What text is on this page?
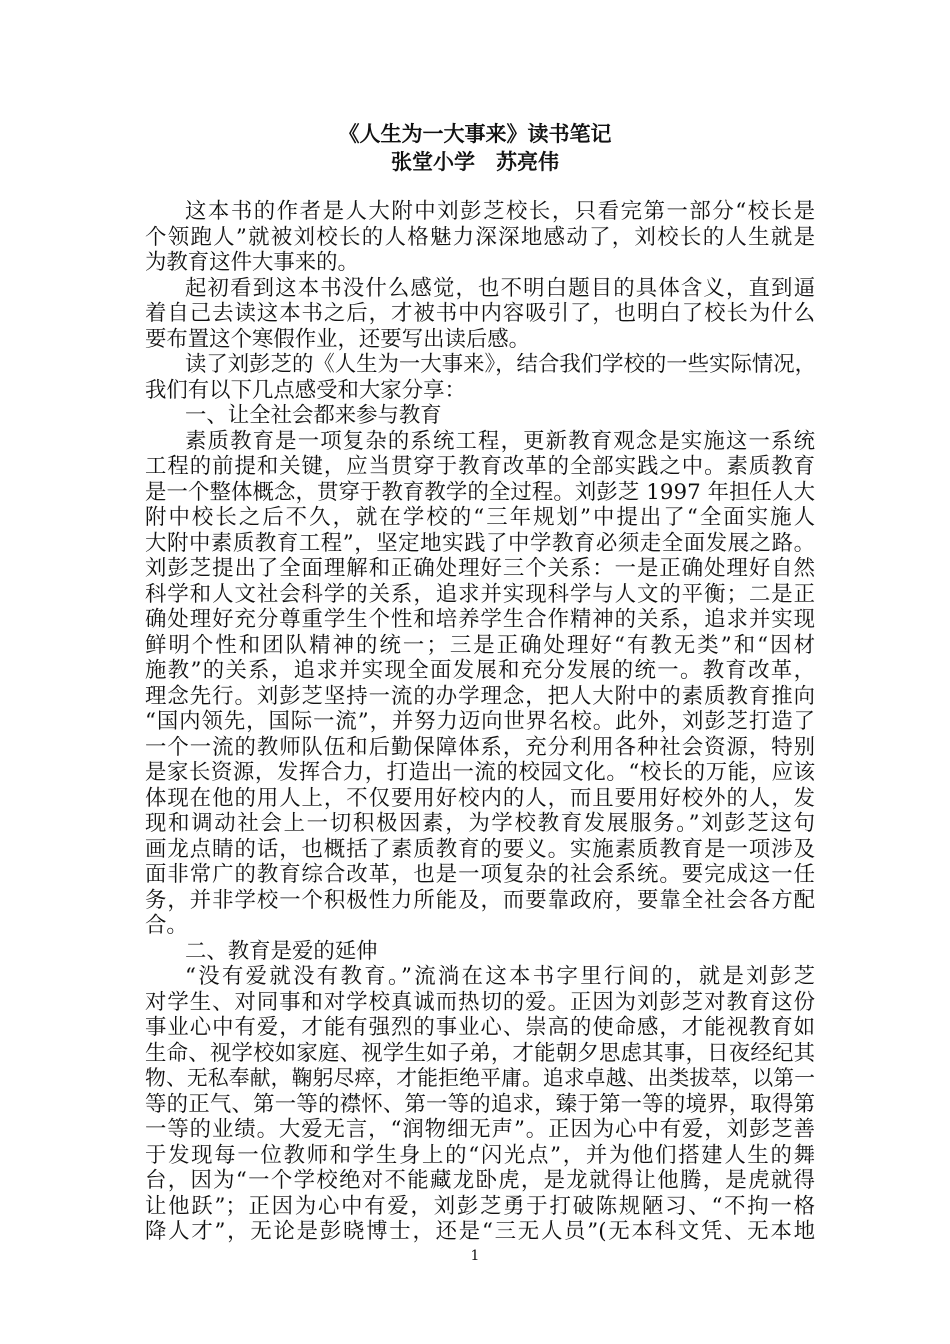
《人生为一大事来》读书笔记

张堂小学　苏亮伟

这本书的作者是人大附中刘彭芝校长，只看完第一部分“校长是
个领跑人”就被刘校长的人格魅力深深地感动了，刘校长的人生就是
为教育这件大事来的。
起初看到这本书没什么感觉，也不明白题目的具体含义，直到逼
着自己去读这本书之后，才被书中内容吸引了，也明白了校长为什么
要布置这个寒假作业，还要写出读后感。
读了刘彭芝的《人生为一大事来》，结合我们学校的一些实际情况，
我们有以下几点感受和大家分享：
一、让全社会都来参与教育
素质教育是一项复杂的系统工程，更新教育观念是实施这一系统
工程的前提和关键，应当贯穿于教育改革的全部实践之中。素质教育
是一个整体概念，贯穿于教育教学的全过程。刘彭芝 1997 年担任人大
附中校长之后不久，就在学校的“三年规划”中提出了“全面实施人
大附中素质教育工程”，坚定地实践了中学教育必须走全面发展之路。
刘彭芝提出了全面理解和正确处理好三个关系：一是正确处理好自然
科学和人文社会科学的关系，追求并实现科学与人文的平衡；二是正
确处理好充分尊重学生个性和培养学生合作精神的关系，追求并实现
鲜明个性和团队精神的统一；三是正确处理好“有教无类”和“因材
施教”的关系，追求并实现全面发展和充分发展的统一。教育改革，
理念先行。刘彭芝坚持一流的办学理念，把人大附中的素质教育推向
“国内领先，国际一流”，并努力迈向世界名校。此外，刘彭芝打造了
一个一流的教师队伍和后勤保障体系，充分利用各种社会资源，特别
是家长资源，发挥合力，打造出一流的校园文化。“校长的万能，应该
体现在他的用人上，不仅要用好校内的人，而且要用好校外的人，发
现和调动社会上一切积极因素，为学校教育发展服务。”刘彭芝这句
画龙点睛的话，也概括了素质教育的要义。实施素质教育是一项涉及
面非常广的教育综合改革，也是一项复杂的社会系统。要完成这一任
务，并非学校一个积极性力所能及，而要靠政府，要靠全社会各方配
合。
二、教育是爱的延伸
“没有爱就没有教育。”流淌在这本书字里行间的，就是刘彭芝
对学生、对同事和对学校真诚而热切的爱。正因为刘彭芝对教育这份
事业心中有爱，才能有强烈的事业心、崇高的使命感，才能视教育如
生命、视学校如家庭、视学生如子弟，才能朝夕思虑其事，日夜经纪其
物、无私奉献，鞠躬尽瘁，才能拒绝平庸。追求卓越、出类拔萃，以第一
等的正气、第一等的襟怀、第一等的追求，臻于第一等的境界，取得第
一等的业绩。大爱无言，“润物细无声”。正因为心中有爱，刘彭芝善
于发现每一位教师和学生身上的“闪光点”，并为他们搭建人生的舞
台，因为“一个学校绝对不能藏龙卧虎，是龙就得让他腾，是虎就得
让他跃”；正因为心中有爱，刘彭芝勇于打破陈规陋习、“不拘一格
降人才”，无论是彭晓博士，还是“三无人员”(无本科文凭、无本地
1
